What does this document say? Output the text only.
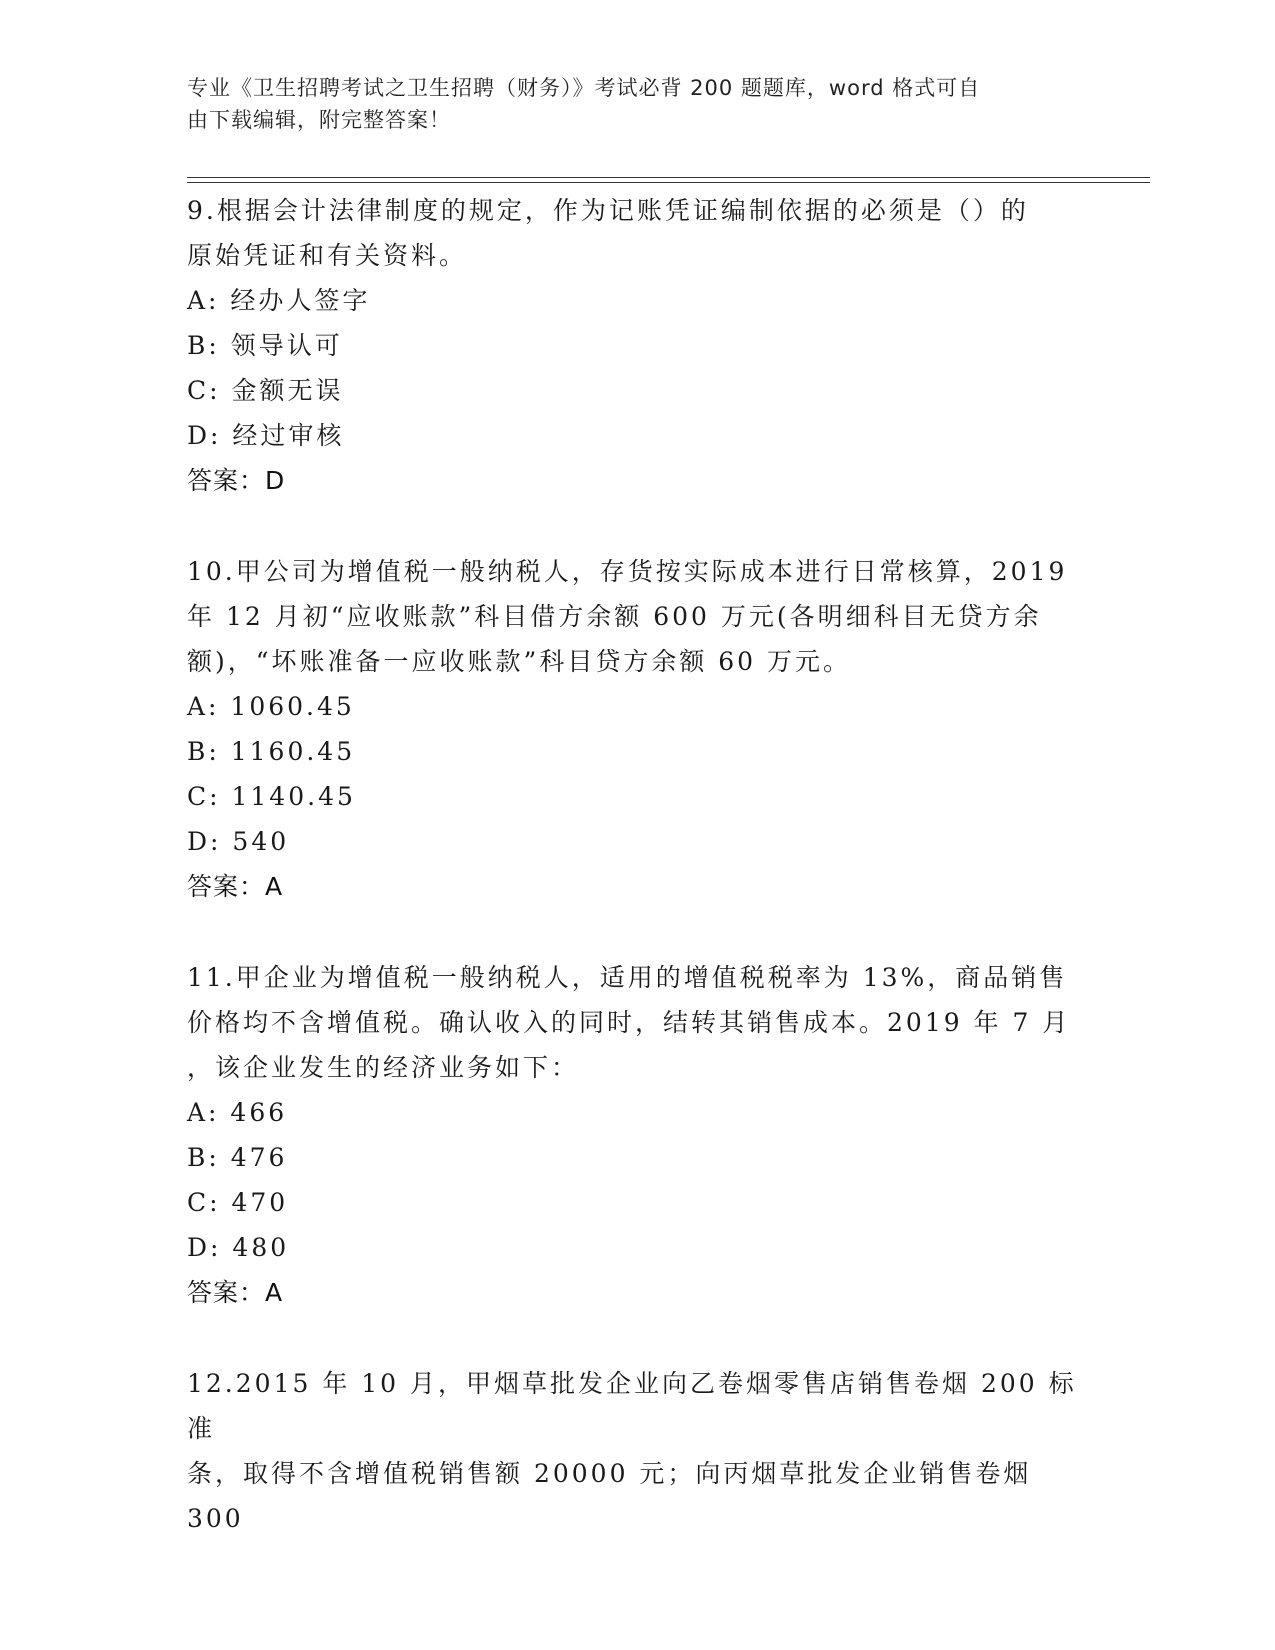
专业《卫生招聘考试之卫生招聘（财务）》考试必背 200 题题库，word 格式可自
由下载编辑，附完整答案！

9.根据会计法律制度的规定，作为记账凭证编制依据的必须是（）的

原始凭证和有关资料。

A: 经办人签字

B: 领导认可

C: 金额无误

D: 经过审核

答案：D

10.甲公司为增值税一般纳税人，存货按实际成本进行日常核算，2019

年 12 月初“应收账款”科目借方余额 600 万元(各明细科目无贷方余

额)，“坏账准备一应收账款”科目贷方余额 60 万元。

A: 1060.45

B: 1160.45

C: 1140.45

D: 540

答案：A

11.甲企业为增值税一般纳税人，适用的增值税税率为 13%，商品销售

价格均不含增值税。确认收入的同时，结转其销售成本。2019 年 7 月

，该企业发生的经济业务如下：

A: 466

B: 476

C: 470

D: 480

答案：A

12.2015 年 10 月，甲烟草批发企业向乙卷烟零售店销售卷烟 200 标准

条，取得不含增值税销售额 20000 元；向丙烟草批发企业销售卷烟 300
